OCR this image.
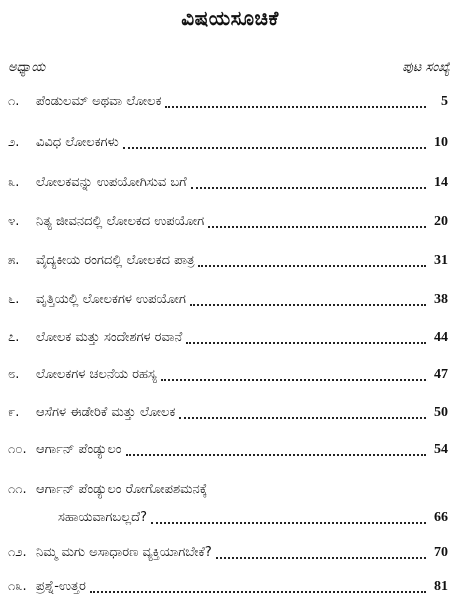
ವಿಷಯಸೂಚಿಕೆ
ಅಧ್ಯಾಯ	ಪುಟ ಸಂಖ್ಯೆ
೧.	ಪೆಂಡುಲಮ್ ಅಥವಾ ಲೋಲಕ	5
೨.	ವಿವಿಧ ಲೋಲಕಗಳು	10
೩.	ಲೋಲಕವನ್ನು ಉಪಯೋಗಿಸುವ ಬಗೆ	14
೪.	ನಿತ್ಯ ಜೀವನದಲ್ಲಿ ಲೋಲಕದ ಉಪಯೋಗ	20
೫.	ವೈದ್ಯಕೀಯ ರಂಗದಲ್ಲಿ ಲೋಲಕದ ಪಾತ್ರ	31
೬.	ವೃತ್ತಿಯಲ್ಲಿ ಲೋಲಕಗಳ ಉಪಯೋಗ	38
೭.	ಲೋಲಕ ಮತ್ತು ಸಂದೇಶಗಳ ರವಾನೆ	44
೮.	ಲೋಲಕಗಳ ಚಲನೆಯ ರಹಸ್ಯ	47
೯.	ಆಸೆಗಳ ಈಡೇರಿಕೆ ಮತ್ತು ಲೋಲಕ	50
೧೦. ಆರ್ಗಾನ್ ಪೆಂಡ್ಯುಲಂ	54
೧೧. ಆರ್ಗಾನ್ ಪೆಂಡ್ಯುಲಂ ರೋಗೋಪಶಮನಕ್ಕೆ
ಸಹಾಯವಾಗಬಲ್ಲದೆ?	66
೧೨. ನಿಮ್ಮ ಮಗು ಅಸಾಧಾರಣ ವ್ಯಕ್ತಿಯಾಗಬೇಕೆ?	70
೧೩. ಪ್ರಶ್ನೆ-ಉತ್ತರ	81
